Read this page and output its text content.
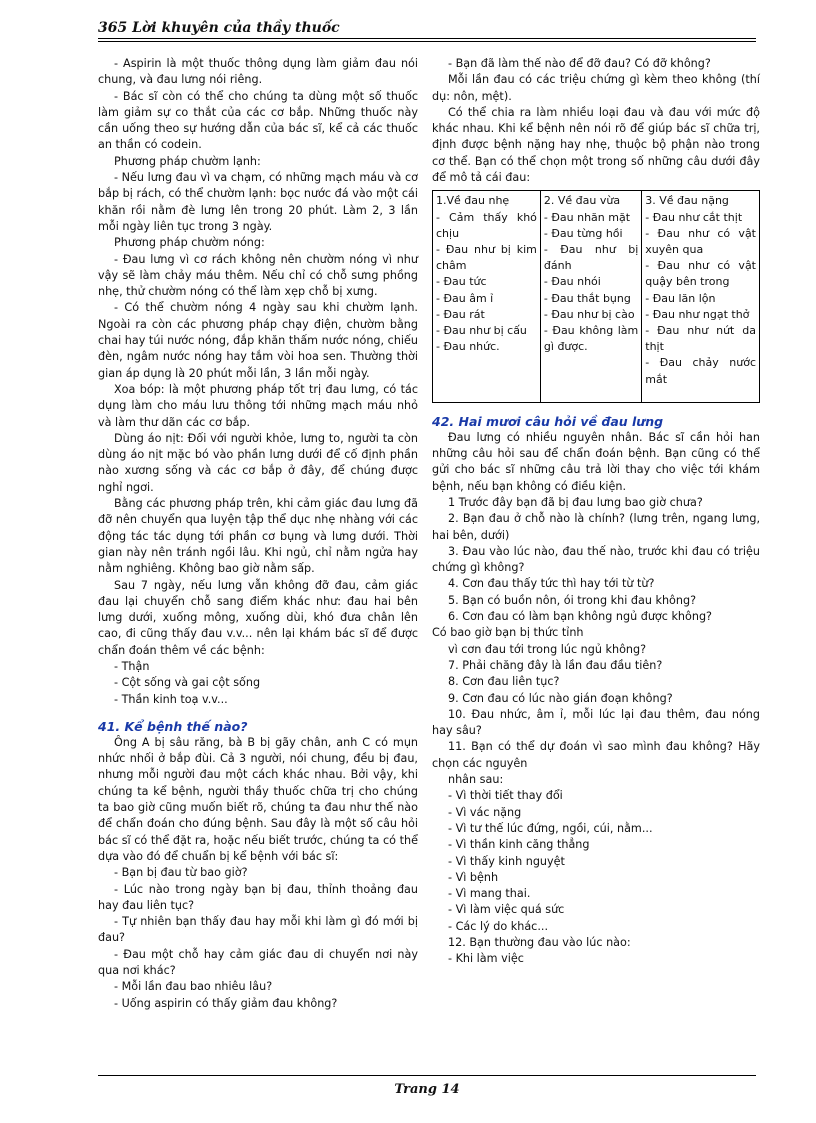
365 Lời khuyên của thầy thuốc

- Aspirin là một thuốc thông dụng làm giảm đau nói chung, và đau lưng nói riêng.

- Bác sĩ còn có thể cho chúng ta dùng một số thuốc làm giảm sự co thắt của các cơ bắp. Những thuốc này cần uống theo sự hướng dẫn của bác sĩ, kể cả các thuốc an thần có codein.

Phương pháp chườm lạnh:

- Nếu lưng đau vì va chạm, có những mạch máu và cơ bắp bị rách, có thể chườm lạnh: bọc nước đá vào một cái khăn rồi nằm đè lưng lên trong 20 phút. Làm 2, 3 lần mỗi ngày liên tục trong 3 ngày.

Phương pháp chườm nóng:

- Đau lưng vì cơ rách không nên chườm nóng vì như vậy sẽ làm chảy máu thêm. Nếu chỉ có chỗ sưng phồng nhẹ, thử chườm nóng có thể làm xẹp chỗ bị xưng.

- Có thể chườm nóng 4 ngày sau khi chườm lạnh. Ngoài ra còn các phương pháp chạy điện, chườm bằng chai hay túi nước nóng, đắp khăn thấm nước nóng, chiếu đèn, ngâm nước nóng hay tắm vòi hoa sen. Thường thời gian áp dụng là 20 phút mỗi lần, 3 lần mỗi ngày.

Xoa bóp: là một phương pháp tốt trị đau lưng, có tác dụng làm cho máu lưu thông tới những mạch máu nhỏ và làm thư dãn các cơ bắp.

Dùng áo nịt: Đối với người khỏe, lưng to, người ta còn dùng áo nịt mặc bó vào phần lưng dưới để cố định phần nào xương sống và các cơ bắp ở đây, để chúng được nghỉ ngơi.

Bằng các phương pháp trên, khi cảm giác đau lưng đã đỡ nên chuyển qua luyện tập thể dục nhẹ nhàng với các động tác tác dụng tới phần cơ bụng và lưng dưới. Thời gian này nên tránh ngồi lâu. Khi ngủ, chỉ nằm ngửa hay nằm nghiêng. Không bao giờ nằm sấp.

Sau 7 ngày, nếu lưng vẫn không đỡ đau, cảm giác đau lại chuyển chỗ sang điểm khác như: đau hai bên lưng dưới, xuống mông, xuống dùi, khó đưa chân lên cao, đi cũng thấy đau v.v... nên lại khám bác sĩ để được chẩn đoán thêm về các bệnh:

- Thận

- Cột sống và gai cột sống

- Thần kinh toạ v.v...

41. Kể bệnh thế nào?

Ông A bị sâu răng, bà B bị gãy chân, anh C có mụn nhức nhối ở bắp đùi. Cả 3 người, nói chung, đều bị đau, nhưng mỗi người đau một cách khác nhau. Bởi vậy, khi chúng ta kể bệnh, người thầy thuốc chữa trị cho chúng ta bao giờ cũng muốn biết rõ, chúng ta đau như thế nào để chẩn đoán cho đúng bệnh. Sau đây là một số câu hỏi bác sĩ có thể đặt ra, hoặc nếu biết trước, chúng ta có thể dựa vào đó để chuẩn bị kể bệnh với bác sĩ:

- Bạn bị đau từ bao giờ?

- Lúc nào trong ngày bạn bị đau, thỉnh thoảng đau hay đau liên tục?

- Tự nhiên bạn thấy đau hay mỗi khi làm gì đó mới bị đau?

- Đau một chỗ hay cảm giác đau di chuyển nơi này qua nơi khác?

- Mỗi lần đau bao nhiêu lâu?

- Uống aspirin có thấy giảm đau không?

- Bạn đã làm thế nào để đỡ đau? Có đỡ không?

Mỗi lần đau có các triệu chứng gì kèm theo không (thí dụ: nôn, mệt).

Có thể chia ra làm nhiều loại đau và đau với mức độ khác nhau. Khi kể bệnh nên nói rõ để giúp bác sĩ chữa trị, định được bệnh nặng hay nhẹ, thuộc bộ phận nào trong cơ thể. Bạn có thể chọn một trong số những câu dưới đây để mô tả cái đau:

1.Về đau nhẹ
- Cảm thấy khó chịu
- Đau như bị kim châm
- Đau tức
- Đau âm ỉ
- Đau rát
- Đau như bị cấu
- Đau nhức.

2. Về đau vừa
- Đau nhăn mặt
- Đau từng hồi
- Đau như bị đánh
- Đau nhói
- Đau thắt bụng
- Đau như bị cào
- Đau không làm gì được.

3. Về đau nặng
- Đau như cắt thịt
- Đau như có vật xuyên qua
- Đau như có vật quậy bên trong
- Đau lăn lộn
- Đau như ngạt thở
- Đau như nứt da thịt
- Đau chảy nước mắt
42. Hai mươi câu hỏi về đau lưng

Đau lưng có nhiều nguyên nhân. Bác sĩ cần hỏi han những câu hỏi sau để chẩn đoán bệnh. Bạn cũng có thể gửi cho bác sĩ những câu trả lời thay cho việc tới khám bệnh, nếu bạn không có điều kiện.

1 Trước đây bạn đã bị đau lưng bao giờ chưa?

2. Bạn đau ở chỗ nào là chính? (lưng trên, ngang lưng, hai bên, dưới)

3. Đau vào lúc nào, đau thế nào, trước khi đau có triệu chứng gì không?

4. Cơn đau thấy tức thì hay tới từ từ?

5. Bạn có buồn nôn, ói trong khi đau không?

6. Cơn đau có làm bạn không ngủ được không?

Có bao giờ bạn bị thức tỉnh

vì cơn đau tới trong lúc ngủ không?

7. Phải chăng đây là lần đau đầu tiên?

8. Cơn đau liên tục?

9. Cơn đau có lúc nào gián đoạn không?

10. Đau nhức, âm ỉ, mỗi lúc lại đau thêm, đau nóng hay sâu?

11. Bạn có thể dự đoán vì sao mình đau không? Hãy chọn các nguyên

nhân sau:

- Vì thời tiết thay đổi

- Vì vác nặng

- Vì tư thế lúc đứng, ngồi, cúi, nằm...

- Vì thần kinh căng thẳng

- Vì thấy kinh nguyệt

- Vì bệnh

- Vì mang thai.

- Vì làm việc quá sức

- Các lý do khác...

12. Bạn thường đau vào lúc nào:

- Khi làm việc

Trang 14
